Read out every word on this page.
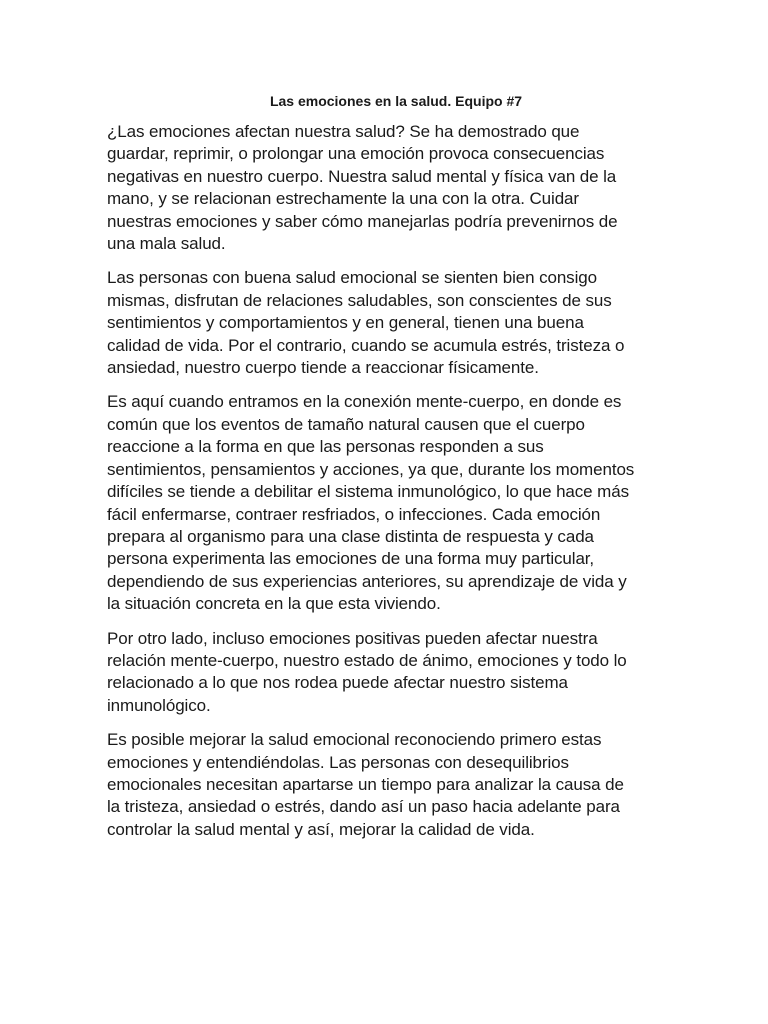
Las emociones en la salud. Equipo #7

¿Las emociones afectan nuestra salud? Se ha demostrado que
guardar, reprimir, o prolongar una emoción provoca consecuencias
negativas en nuestro cuerpo. Nuestra salud mental y física van de la
mano, y se relacionan estrechamente la una con la otra. Cuidar
nuestras emociones y saber cómo manejarlas podría prevenirnos de
una mala salud.

Las personas con buena salud emocional se sienten bien consigo
mismas, disfrutan de relaciones saludables, son conscientes de sus
sentimientos y comportamientos y en general, tienen una buena
calidad de vida. Por el contrario, cuando se acumula estrés, tristeza o
ansiedad, nuestro cuerpo tiende a reaccionar físicamente.

Es aquí cuando entramos en la conexión mente-cuerpo, en donde es
común que los eventos de tamaño natural causen que el cuerpo
reaccione a la forma en que las personas responden a sus
sentimientos, pensamientos y acciones, ya que, durante los momentos
difíciles se tiende a debilitar el sistema inmunológico, lo que hace más
fácil enfermarse, contraer resfriados, o infecciones. Cada emoción
prepara al organismo para una clase distinta de respuesta y cada
persona experimenta las emociones de una forma muy particular,
dependiendo de sus experiencias anteriores, su aprendizaje de vida y
la situación concreta en la que esta viviendo.

Por otro lado, incluso emociones positivas pueden afectar nuestra
relación mente-cuerpo, nuestro estado de ánimo, emociones y todo lo
relacionado a lo que nos rodea puede afectar nuestro sistema
inmunológico.

Es posible mejorar la salud emocional reconociendo primero estas
emociones y entendiéndolas. Las personas con desequilibrios
emocionales necesitan apartarse un tiempo para analizar la causa de
la tristeza, ansiedad o estrés, dando así un paso hacia adelante para
controlar la salud mental y así, mejorar la calidad de vida.
